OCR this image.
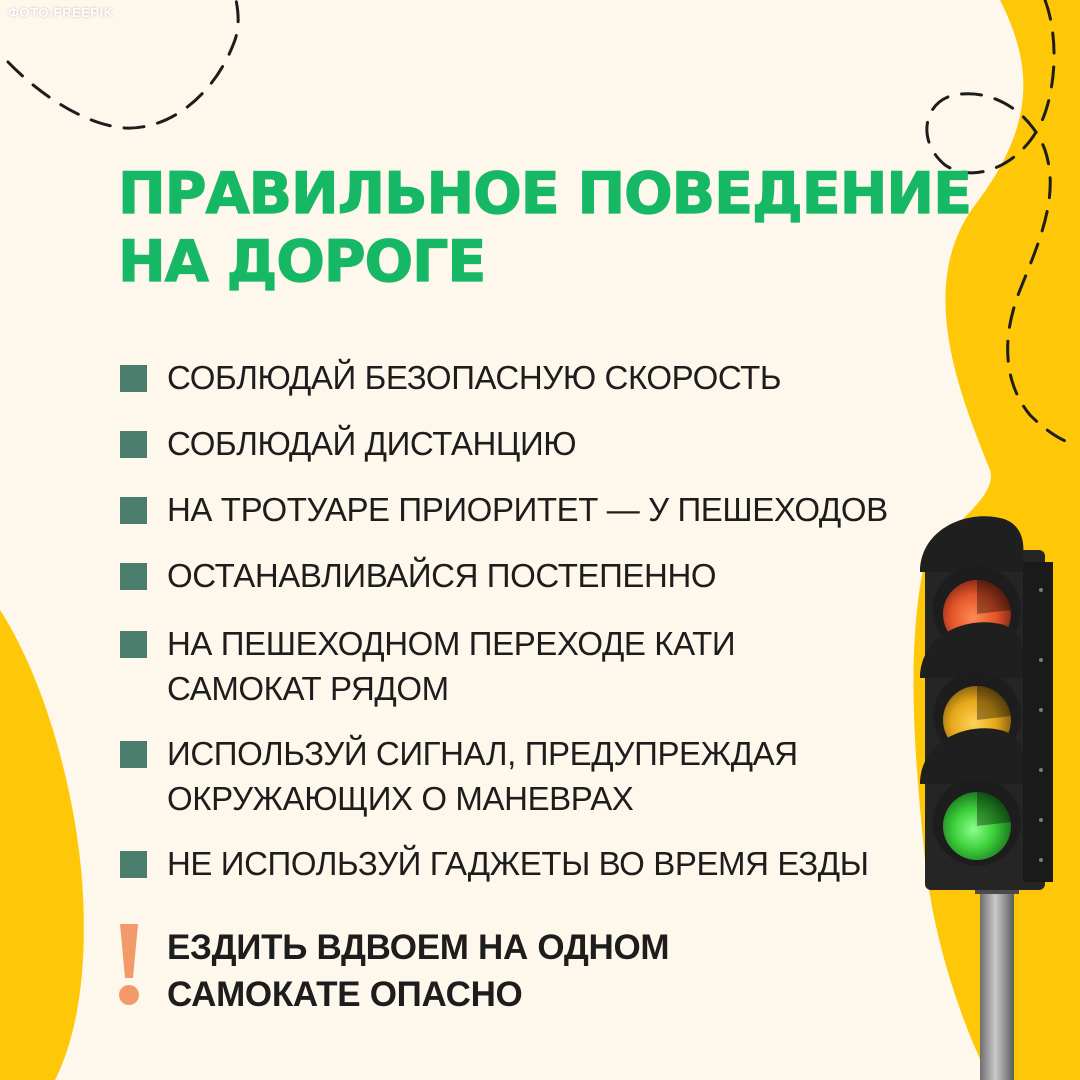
ФОТО:FREEPIK
ПРАВИЛЬНОЕ ПОВЕДЕНИЕ
НА ДОРОГЕ
СОБЛЮДАЙ БЕЗОПАСНУЮ СКОРОСТЬ
СОБЛЮДАЙ ДИСТАНЦИЮ
НА ТРОТУАРЕ ПРИОРИТЕТ — У ПЕШЕХОДОВ
ОСТАНАВЛИВАЙСЯ ПОСТЕПЕННО
НА ПЕШЕХОДНОМ ПЕРЕХОДЕ КАТИ
САМОКАТ РЯДОМ
ИСПОЛЬЗУЙ СИГНАЛ, ПРЕДУПРЕЖДАЯ
ОКРУЖАЮЩИХ О МАНЕВРАХ
НЕ ИСПОЛЬЗУЙ ГАДЖЕТЫ ВО ВРЕМЯ ЕЗДЫ

ЕЗДИТЬ ВДВОЕМ НА ОДНОМ
САМОКАТЕ ОПАСНО
